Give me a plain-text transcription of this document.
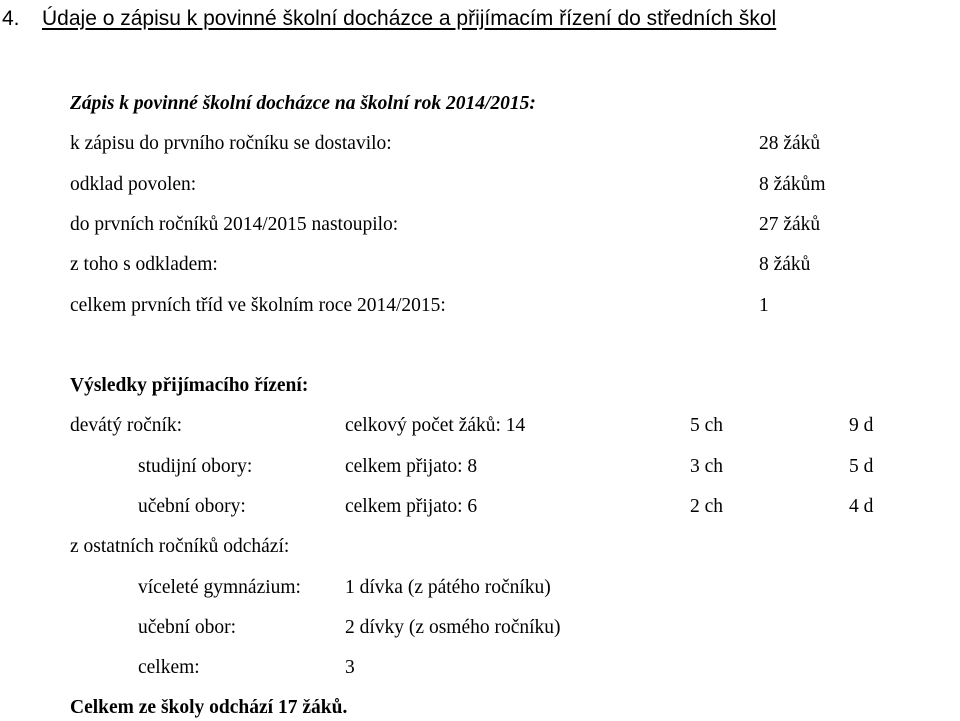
4. Údaje o zápisu k povinné školní docházce a přijímacím řízení do středních škol
Zápis k povinné školní docházce na školní rok 2014/2015:
k zápisu do prvního ročníku se dostavilo:	28 žáků
odklad povolen:	8 žákům
do prvních ročníků 2014/2015 nastoupilo:	27 žáků
z toho s odkladem:	8 žáků
celkem prvních tříd ve školním roce 2014/2015:	1
Výsledky přijímacího řízení:
devátý ročník:	celkový počet žáků: 14	5 ch	9 d
studijní obory:	celkem přijato: 8	3 ch	5 d
učební obory:	celkem přijato: 6	2 ch	4 d
z ostatních ročníků odchází:
víceleté gymnázium: 1 dívka (z pátého ročníku)
učební obor:	2 dívky (z osmého ročníku)
celkem:	3
Celkem ze školy odchází 17 žáků.
